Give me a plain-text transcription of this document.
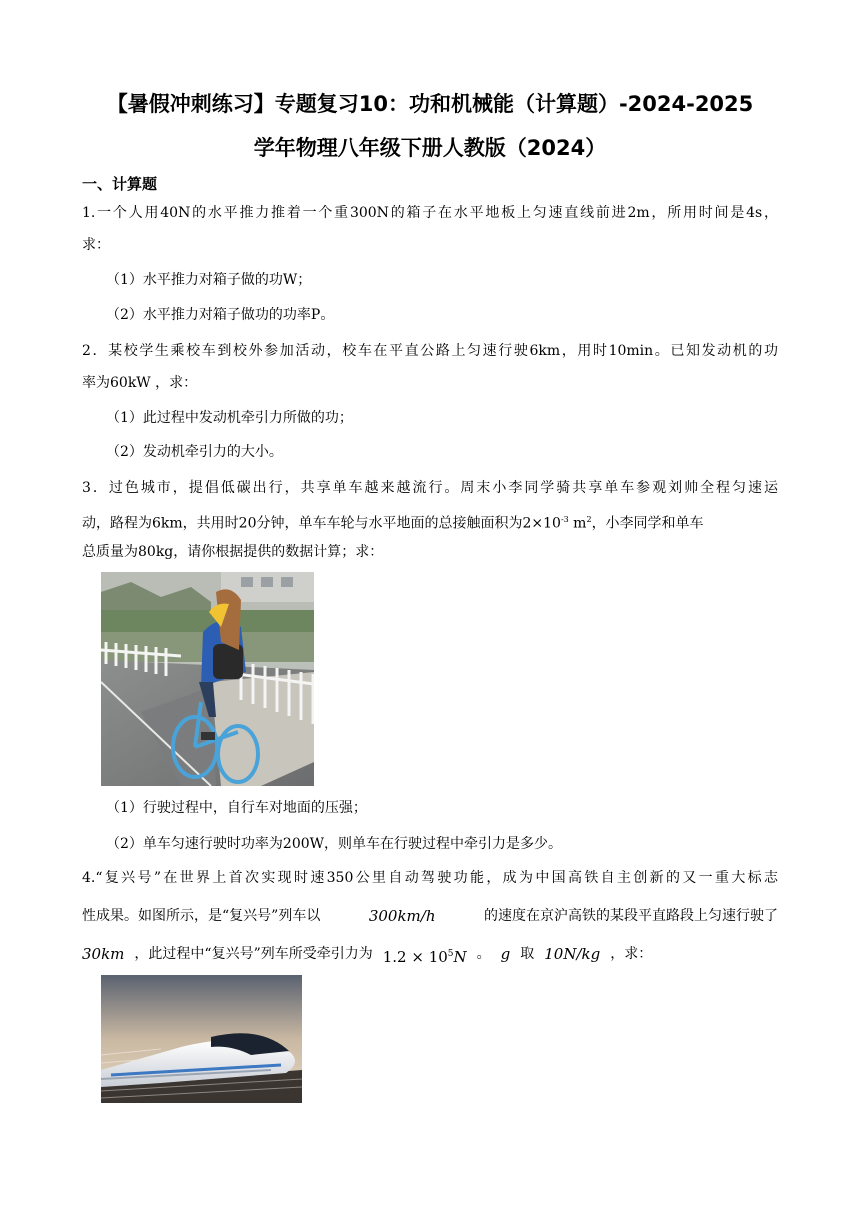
【暑假冲刺练习】专题复习10：功和机械能（计算题）-2024-2025
学年物理八年级下册人教版（2024）
一、计算题
1.一个人用40N的水平推力推着一个重300N的箱子在水平地板上匀速直线前进2m，所用时间是4s，
求：
（1）水平推力对箱子做的功W；
（2）水平推力对箱子做功的功率P。
2．某校学生乘校车到校外参加活动，校车在平直公路上匀速行驶6km，用时10min。已知发动机的功
率为60kW ，求：
（1）此过程中发动机牵引力所做的功；
（2）发动机牵引力的大小。
3．过色城市，提倡低碳出行，共享单车越来越流行。周末小李同学骑共享单车参观刘帅全程匀速运
动，路程为6km，共用时20分钟，单车车轮与水平地面的总接触面积为$2\times 10^{-3}$ $m^2$，小李同学和单车
总质量为80kg，请你根据提供的数据计算；求：
（1）行驶过程中，自行车对地面的压强；
（2）单车匀速行驶时功率为200W，则单车在行驶过程中牵引力是多少。
4.“复兴号”在世界上首次实现时速350公里自动驾驶功能，成为中国高铁自主创新的又一重大标志
性成果。如图所示，是“复兴号”列车以	300km/h	的速度在京沪高铁的某段平直路段上匀速行驶了
30km ，此过程中“复兴号”列车所受牵引力为 $1.2 \times 10^5N$ 。 g 取 10N/kg ，求：
